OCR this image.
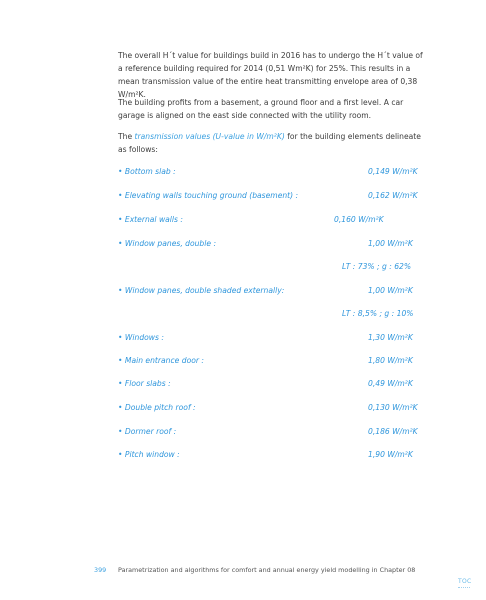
The overall H´t value for buildings build in 2016 has to undergo the H´t value of a reference building required for 2014 (0,51 Wm²K) for 25%. This results in a mean transmission value of the entire heat transmitting envelope area of 0,38 W/m²K.

The building profits from a basement, a ground floor and a first level. A car garage is aligned on the east side connected with the utility room.

The transmission values (U-value in W/m²K) for the building elements delineate as follows:

• Bottom slab :	0,149 W/m²K
• Elevating walls touching ground (basement) :	0,162 W/m²K
• External walls :	0,160 W/m²K
• Window panes, double :	1,00 W/m²K
LT : 73% ; g : 62%
• Window panes, double shaded externally:	1,00 W/m²K
LT : 8,5% ; g : 10%
• Windows :	1,30 W/m²K
• Main entrance door :	1,80 W/m²K
• Floor slabs :	0,49 W/m²K
• Double pitch roof :	0,130 W/m²K
• Dormer roof :	0,186 W/m²K
• Pitch window :	1,90 W/m²K
399 Parametrization and algorithms for comfort and annual energy yield modelling in Chapter 08
TOC
